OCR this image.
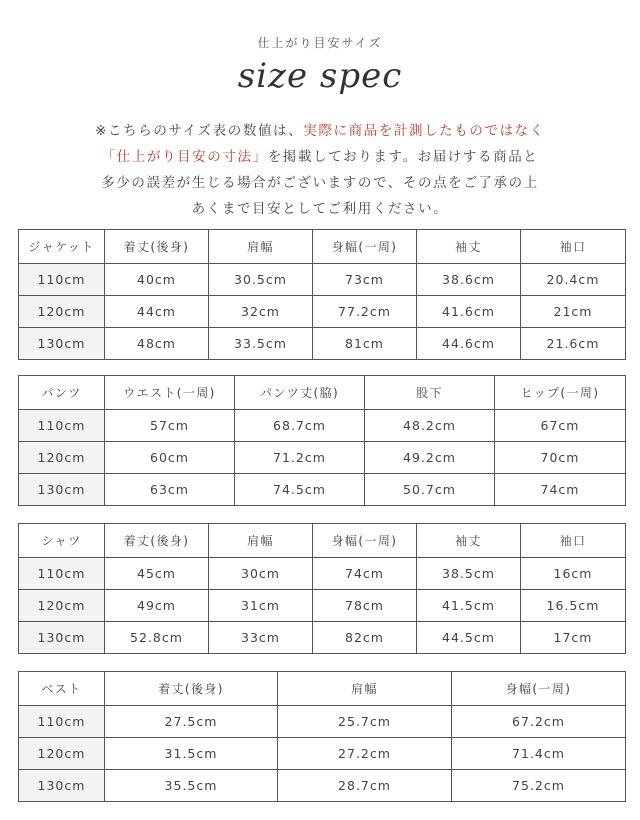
仕上がり目安サイズ
size spec
※こちらのサイズ表の数値は、実際に商品を計測したものではなく
「仕上がり目安の寸法」を掲載しております。お届けする商品と
多少の誤差が生じる場合がございますので、その点をご了承の上
あくまで目安としてご利用ください。
ジャケット	着丈(後身)	肩幅	身幅(一周)	袖丈	袖口
110cm	40cm	30.5cm	73cm	38.6cm	20.4cm
120cm	44cm	32cm	77.2cm	41.6cm	21cm
130cm	48cm	33.5cm	81cm	44.6cm	21.6cm
パンツ	ウエスト(一周)	パンツ丈(脇)	股下	ヒップ(一周)
110cm	57cm	68.7cm	48.2cm	67cm
120cm	60cm	71.2cm	49.2cm	70cm
130cm	63cm	74.5cm	50.7cm	74cm
シャツ	着丈(後身)	肩幅	身幅(一周)	袖丈	袖口
110cm	45cm	30cm	74cm	38.5cm	16cm
120cm	49cm	31cm	78cm	41.5cm	16.5cm
130cm	52.8cm	33cm	82cm	44.5cm	17cm
ベスト	着丈(後身)	肩幅	身幅(一周)
110cm	27.5cm	25.7cm	67.2cm
120cm	31.5cm	27.2cm	71.4cm
130cm	35.5cm	28.7cm	75.2cm
